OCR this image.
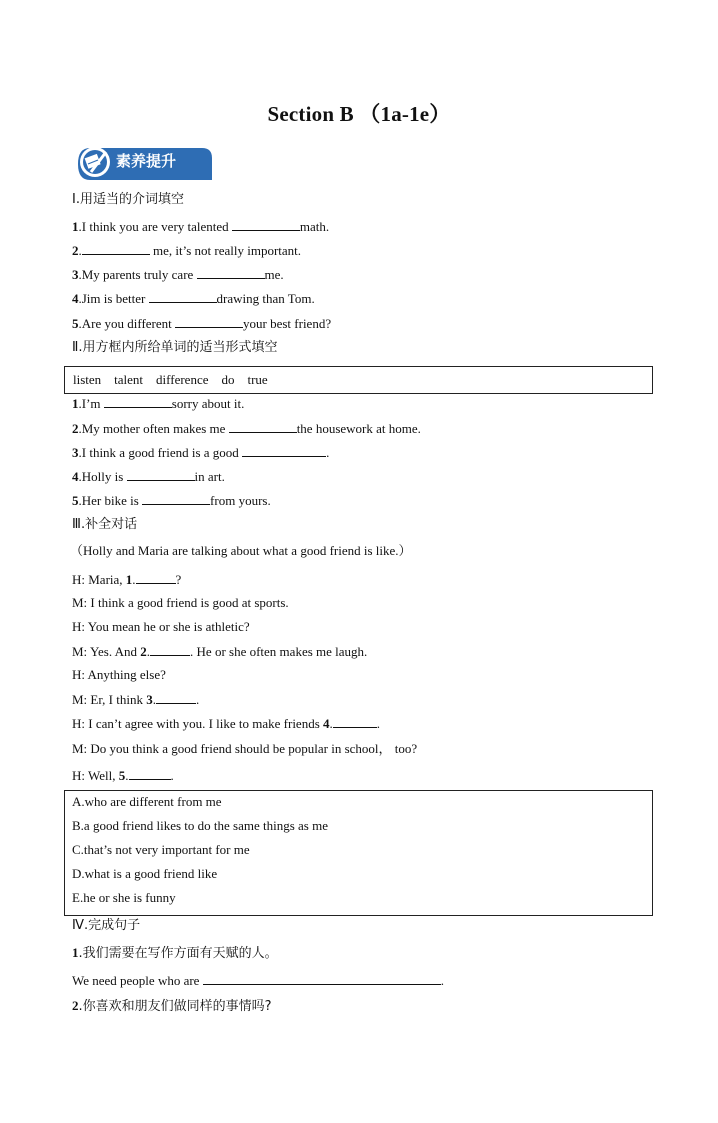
Section B （1a-1e）
素养提升
Ⅰ.用适当的介词填空
1.I think you are very talented	math.
2.	me, it’s not really important.
3.My parents truly care	me.
4.Jim is better	drawing than Tom.
5.Are you different	your best friend?
Ⅱ.用方框内所给单词的适当形式填空
listen    talent    difference    do    true
1.I’m	sorry about it.
2.My mother often makes me	the housework at home.
3.I think a good friend is a good	.
4.Holly is	in art.
5.Her bike is	from yours.
Ⅲ.补全对话
（Holly and Maria are talking about what a good friend is like.）
H: Maria, 1.	?
M: I think a good friend is good at sports.
H: You mean he or she is athletic?
M: Yes. And 2.	. He or she often makes me laugh.
H: Anything else?
M: Er, I think 3.	.
H: I can’t agree with you. I like to make friends 4.	.
M: Do you think a good friend should be popular in school， too?
H: Well, 5.	.
A.who are different from me
B.a good friend likes to do the same things as me
C.that’s not very important for me
D.what is a good friend like
E.he or she is funny
Ⅳ.完成句子
1.我们需要在写作方面有天赋的人。
We need people who are	.
2.你喜欢和朋友们做同样的事情吗?
